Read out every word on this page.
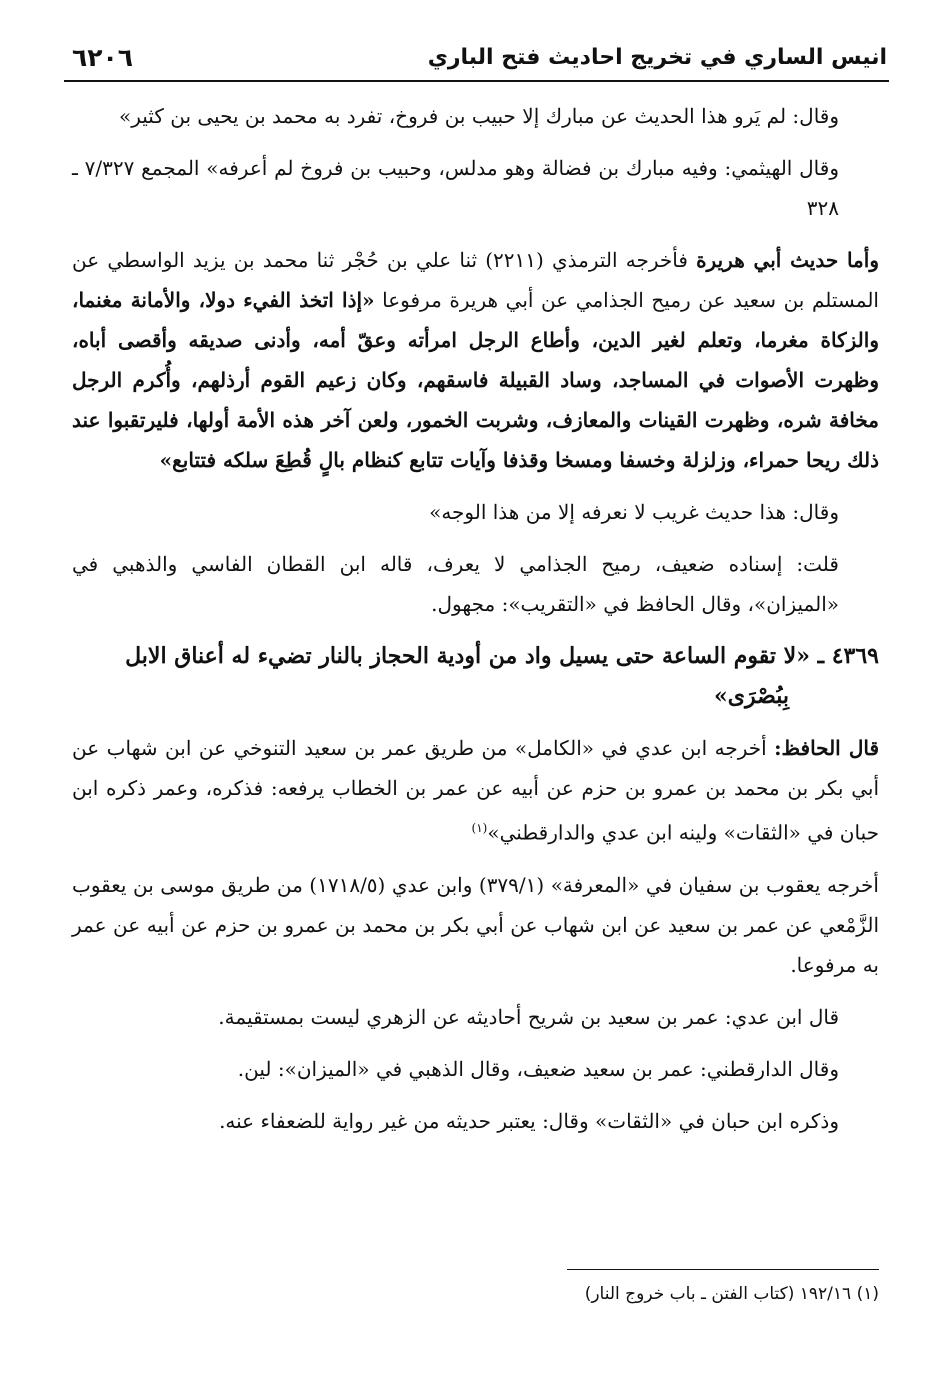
انيس الساري في تخريج احاديث فتح الباري
٦٢٠٦

وقال: لم يَرو هذا الحديث عن مبارك إلا حبيب بن فروخ، تفرد به محمد بن يحيى بن كثير»

وقال الهيثمي: وفيه مبارك بن فضالة وهو مدلس، وحبيب بن فروخ لم أعرفه» المجمع ٧/٣٢٧ ـ ٣٢٨

وأما حديث أبي هريرة فأخرجه الترمذي (٢٢١١) ثنا علي بن حُجْر ثنا محمد بن يزيد الواسطي عن المستلم بن سعيد عن رميح الجذامي عن أبي هريرة مرفوعا «إذا اتخذ الفيء دولا، والأمانة مغنما، والزكاة مغرما، وتعلم لغير الدين، وأطاع الرجل امرأته وعقّ أمه، وأدنى صديقه وأقصى أباه، وظهرت الأصوات في المساجد، وساد القبيلة فاسقهم، وكان زعيم القوم أرذلهم، وأُكرم الرجل مخافة شره، وظهرت القينات والمعازف، وشربت الخمور، ولعن آخر هذه الأمة أولها، فليرتقبوا عند ذلك ريحا حمراء، وزلزلة وخسفا ومسخا وقذفا وآيات تتابع كنظام بالٍ قُطِعَ سلكه فتتابع»

وقال: هذا حديث غريب لا نعرفه إلا من هذا الوجه»

قلت: إسناده ضعيف، رميح الجذامي لا يعرف، قاله ابن القطان الفاسي والذهبي في «الميزان»، وقال الحافظ في «التقريب»: مجهول.

٤٣٦٩ ـ «لا تقوم الساعة حتى يسيل واد من أودية الحجاز بالنار تضيء له أعناق الابل
بِبُصْرَى»

قال الحافظ: أخرجه ابن عدي في «الكامل» من طريق عمر بن سعيد التنوخي عن ابن شهاب عن أبي بكر بن محمد بن عمرو بن حزم عن أبيه عن عمر بن الخطاب يرفعه: فذكره، وعمر ذكره ابن حبان في «الثقات» ولينه ابن عدي والدارقطني»$^{(١)}$

أخرجه يعقوب بن سفيان في «المعرفة» (٣٧٩/١) وابن عدي (١٧١٨/٥) من طريق موسى بن يعقوب الزَّمْعي عن عمر بن سعيد عن ابن شهاب عن أبي بكر بن محمد بن عمرو بن حزم عن أبيه عن عمر به مرفوعا.

قال ابن عدي: عمر بن سعيد بن شريح أحاديثه عن الزهري ليست بمستقيمة.

وقال الدارقطني: عمر بن سعيد ضعيف، وقال الذهبي في «الميزان»: لين.

وذكره ابن حبان في «الثقات» وقال: يعتبر حديثه من غير رواية للضعفاء عنه.

(١) ١٩٢/١٦ (كتاب الفتن ـ باب خروج النار)
